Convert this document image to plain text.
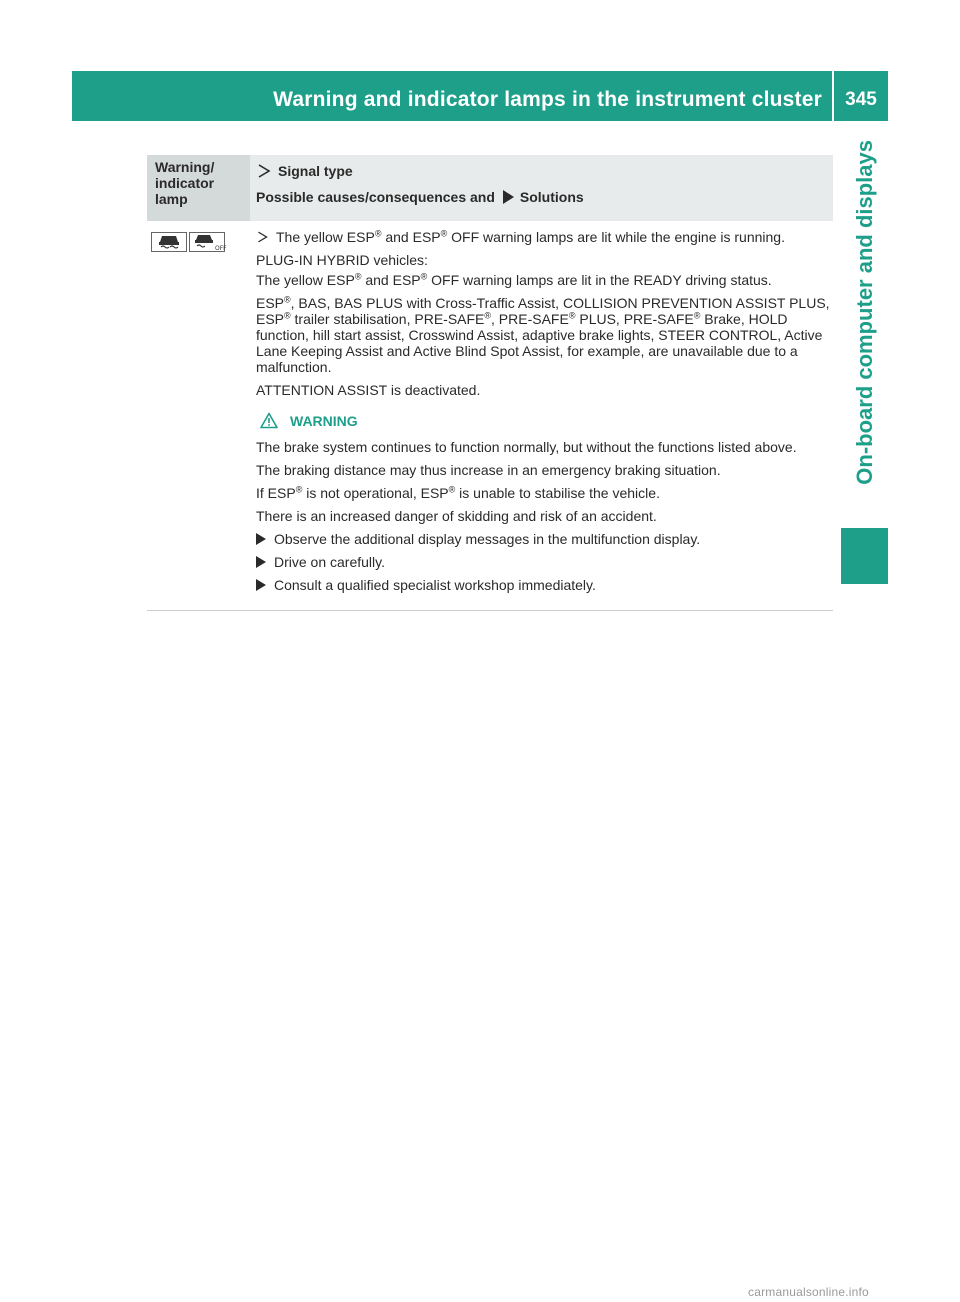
Warning and indicator lamps in the instrument cluster	345
On-board computer and displays
Warning/ indicator lamp
Signal type
Possible causes/consequences and Solutions
OFF
The yellow ESP® and ESP® OFF warning lamps are lit while the engine is running.
PLUG-IN HYBRID vehicles:
The yellow ESP® and ESP® OFF warning lamps are lit in the READY driving status.
ESP®, BAS, BAS PLUS with Cross-Traffic Assist, COLLISION PREVENTION ASSIST PLUS, ESP® trailer stabilisation, PRE-SAFE®, PRE-SAFE® PLUS, PRE-SAFE® Brake, HOLD function, hill start assist, Crosswind Assist, adaptive brake lights, STEER CONTROL, Active Lane Keeping Assist and Active Blind Spot Assist, for example, are unavailable due to a malfunction.
ATTENTION ASSIST is deactivated.
WARNING
The brake system continues to function normally, but without the functions listed above.
The braking distance may thus increase in an emergency braking situation.
If ESP® is not operational, ESP® is unable to stabilise the vehicle.
There is an increased danger of skidding and risk of an accident.
Observe the additional display messages in the multifunction display.
Drive on carefully.
Consult a qualified specialist workshop immediately.
carmanualsonline.info
